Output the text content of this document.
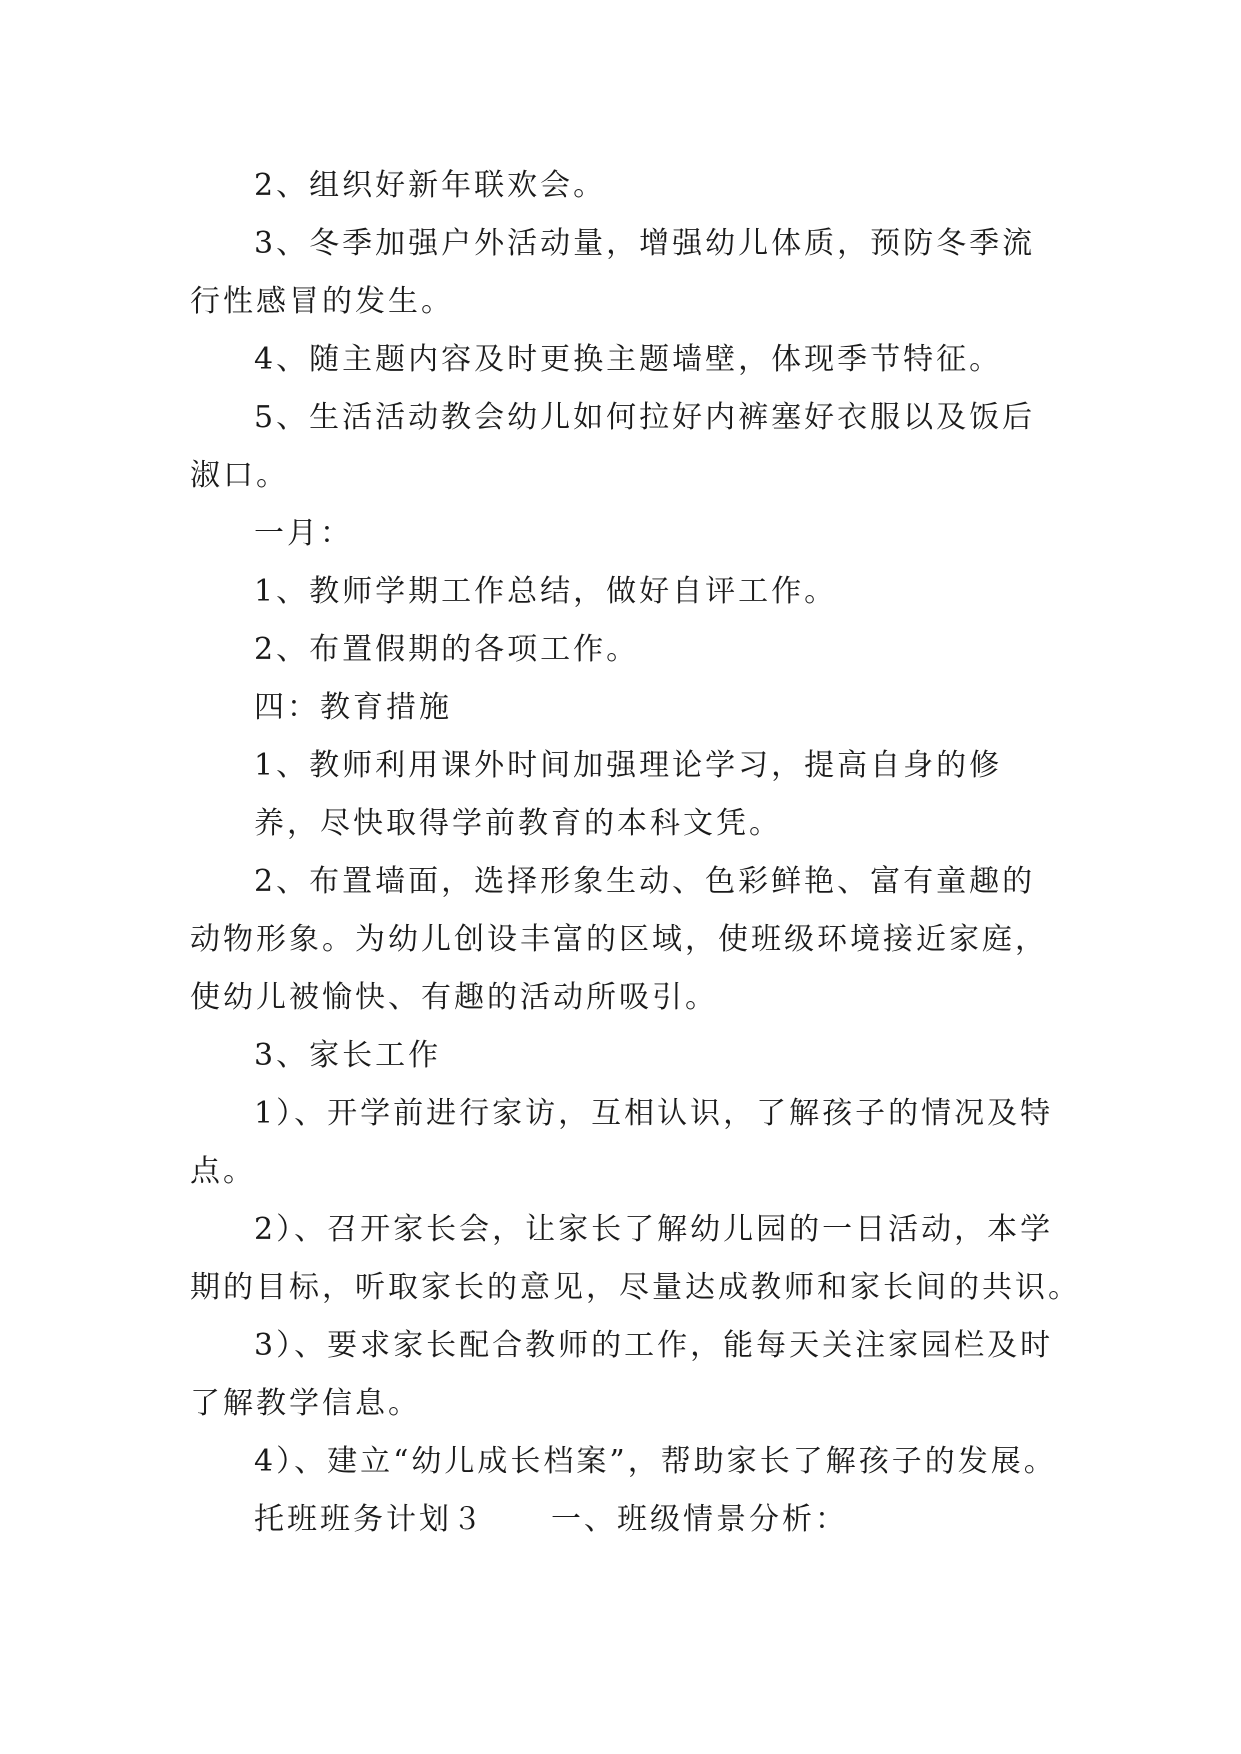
2、组织好新年联欢会。
3、冬季加强户外活动量，增强幼儿体质，预防冬季流
行性感冒的发生。
4、随主题内容及时更换主题墙壁，体现季节特征。
5、生活活动教会幼儿如何拉好内裤塞好衣服以及饭后
淑口。
一月：
1、教师学期工作总结，做好自评工作。
2、布置假期的各项工作。
四：教育措施
1、教师利用课外时间加强理论学习，提高自身的修
养，尽快取得学前教育的本科文凭。
2、布置墙面，选择形象生动、色彩鲜艳、富有童趣的
动物形象。为幼儿创设丰富的区域，使班级环境接近家庭，
使幼儿被愉快、有趣的活动所吸引。
3、家长工作
1）、开学前进行家访，互相认识，了解孩子的情况及特
点。
2）、召开家长会，让家长了解幼儿园的一日活动，本学
期的目标，听取家长的意见，尽量达成教师和家长间的共识。
3）、要求家长配合教师的工作，能每天关注家园栏及时
了解教学信息。
4）、建立“幼儿成长档案”，帮助家长了解孩子的发展。
托班班务计划３　　一、班级情景分析：
